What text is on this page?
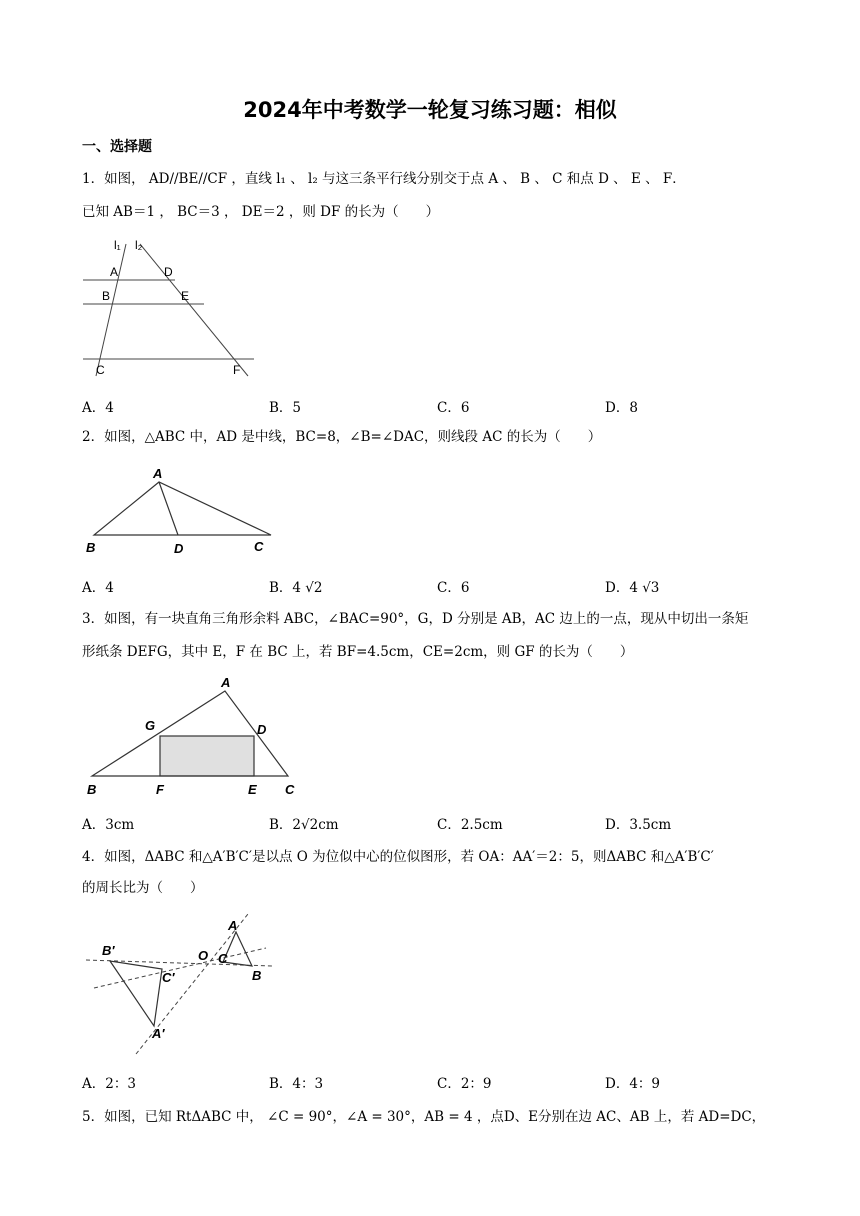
2024年中考数学一轮复习练习题：相似
一、选择题
1．如图， AD//BE//CF ，直线 l₁ 、 l₂ 与这三条平行线分别交于点 A 、 B 、 C 和点 D 、 E 、 F．
已知 AB＝1 ， BC＝3 ， DE＝2 ，则 DF 的长为（　　）
l₁ l₂
A	D
B	E
C	F
A．4	B．5	C．6	D．8
2．如图，△ABC 中，AD 是中线，BC=8，∠B=∠DAC，则线段 AC 的长为（　　）
A
B	D	C
A．4	B．4 √2	C．6	D．4 √3
3．如图，有一块直角三角形余料 ABC，∠BAC=90°，G，D 分别是 AB，AC 边上的一点，现从中切出一条矩
形纸条 DEFG，其中 E，F 在 BC 上，若 BF=4.5cm，CE=2cm，则 GF 的长为（　　）
A
G	D
B	F	E C
A．3cm	B．2√2cm	C．2.5cm	D．3.5cm
4．如图，ΔABC 和△A′B′C′是以点 O 为位似中心的位似图形，若 OA：AA′＝2：5，则ΔABC 和△A′B′C′
的周长比为（　　）
B′
C′
A′
O
A
C
B
A．2：3	B．4：3	C．2：9	D．4：9
5．如图，已知 RtΔABC 中， ∠C = 90°，∠A = 30°，AB = 4 ，点D、E分别在边 AC、AB 上，若 AD=DC，
